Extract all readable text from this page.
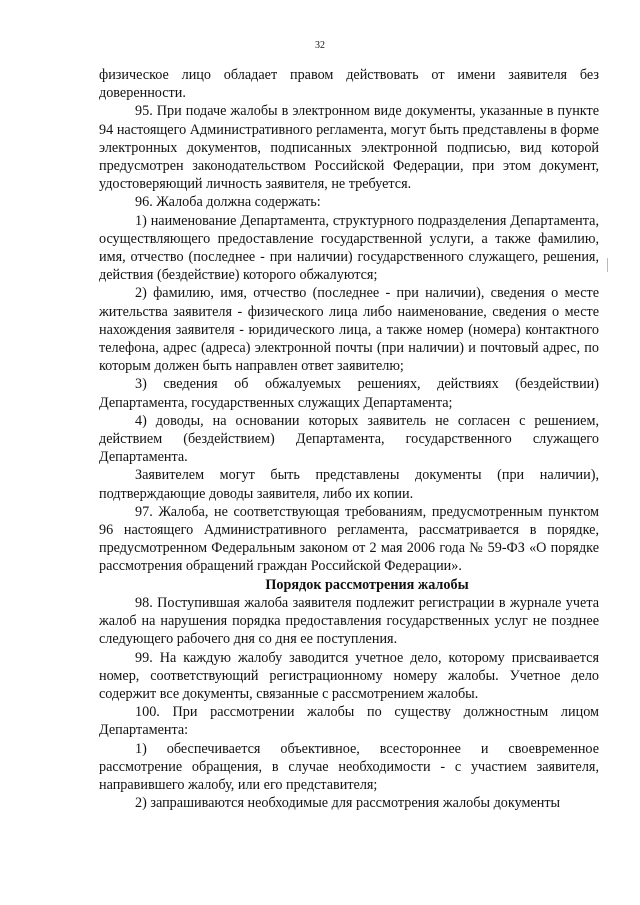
32

физическое лицо обладает правом действовать от имени заявителя без доверенности.

95. При подаче жалобы в электронном виде документы, указанные в пункте 94 настоящего Административного регламента, могут быть представлены в форме электронных документов, подписанных электронной подписью, вид которой предусмотрен законодательством Российской Федерации, при этом документ, удостоверяющий личность заявителя, не требуется.

96. Жалоба должна содержать:

1) наименование Департамента, структурного подразделения Департамента, осуществляющего предоставление государственной услуги, а также фамилию, имя, отчество (последнее - при наличии) государственного служащего, решения, действия (бездействие) которого обжалуются;

2) фамилию, имя, отчество (последнее - при наличии), сведения о месте жительства заявителя - физического лица либо наименование, сведения о месте нахождения заявителя - юридического лица, а также номер (номера) контактного телефона, адрес (адреса) электронной почты (при наличии) и почтовый адрес, по которым должен быть направлен ответ заявителю;

3) сведения об обжалуемых решениях, действиях (бездействии) Департамента, государственных служащих Департамента;

4) доводы, на основании которых заявитель не согласен с решением, действием (бездействием) Департамента, государственного служащего Департамента.

Заявителем могут быть представлены документы (при наличии), подтверждающие доводы заявителя, либо их копии.

97. Жалоба, не соответствующая требованиям, предусмотренным пунктом 96 настоящего Административного регламента, рассматривается в порядке, предусмотренном Федеральным законом от 2 мая 2006 года № 59-ФЗ «О порядке рассмотрения обращений граждан Российской Федерации».

Порядок рассмотрения жалобы

98. Поступившая жалоба заявителя подлежит регистрации в журнале учета жалоб на нарушения порядка предоставления государственных услуг не позднее следующего рабочего дня со дня ее поступления.

99. На каждую жалобу заводится учетное дело, которому присваивается номер, соответствующий регистрационному номеру жалобы. Учетное дело содержит все документы, связанные с рассмотрением жалобы.

100. При рассмотрении жалобы по существу должностным лицом Департамента:

1) обеспечивается объективное, всестороннее и своевременное рассмотрение обращения, в случае необходимости - с участием заявителя, направившего жалобу, или его представителя;

2) запрашиваются необходимые для рассмотрения жалобы документы
